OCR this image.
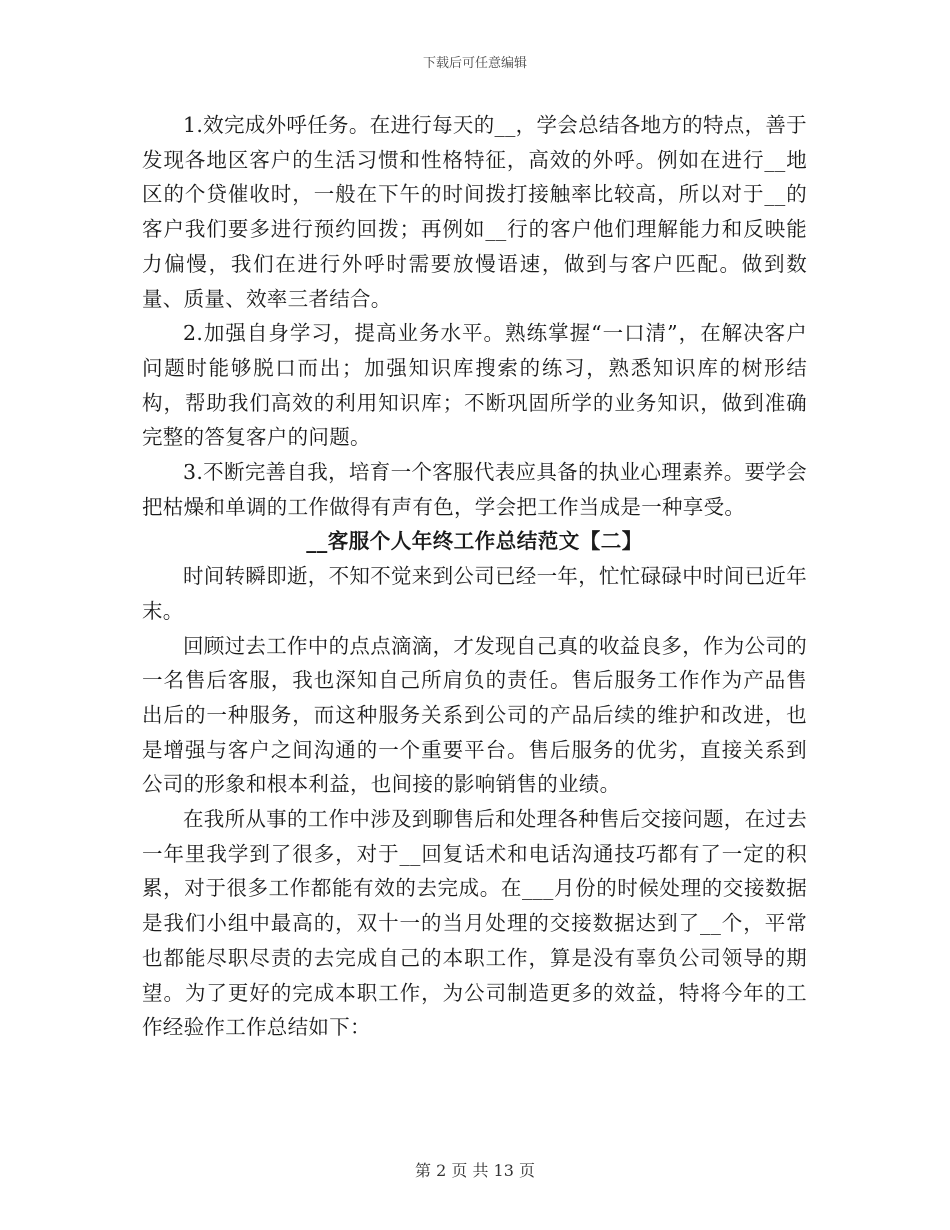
下载后可任意编辑

1.效完成外呼任务。在进行每天的__，学会总结各地方的特点，善于发现各地区客户的生活习惯和性格特征，高效的外呼。例如在进行__地区的个贷催收时，一般在下午的时间拨打接触率比较高，所以对于__的客户我们要多进行预约回拨；再例如__行的客户他们理解能力和反映能力偏慢，我们在进行外呼时需要放慢语速，做到与客户匹配。做到数量、质量、效率三者结合。

2.加强自身学习，提高业务水平。熟练掌握“一口清”，在解决客户问题时能够脱口而出；加强知识库搜索的练习，熟悉知识库的树形结构，帮助我们高效的利用知识库；不断巩固所学的业务知识，做到准确完整的答复客户的问题。

3.不断完善自我，培育一个客服代表应具备的执业心理素养。要学会把枯燥和单调的工作做得有声有色，学会把工作当成是一种享受。

__客服个人年终工作总结范文【二】

时间转瞬即逝，不知不觉来到公司已经一年，忙忙碌碌中时间已近年末。

回顾过去工作中的点点滴滴，才发现自己真的收益良多，作为公司的一名售后客服，我也深知自己所肩负的责任。售后服务工作作为产品售出后的一种服务，而这种服务关系到公司的产品后续的维护和改进，也是增强与客户之间沟通的一个重要平台。售后服务的优劣，直接关系到公司的形象和根本利益，也间接的影响销售的业绩。

在我所从事的工作中涉及到聊售后和处理各种售后交接问题，在过去一年里我学到了很多，对于__回复话术和电话沟通技巧都有了一定的积累，对于很多工作都能有效的去完成。在___月份的时候处理的交接数据是我们小组中最高的，双十一的当月处理的交接数据达到了__个，平常也都能尽职尽责的去完成自己的本职工作，算是没有辜负公司领导的期望。为了更好的完成本职工作，为公司制造更多的效益，特将今年的工作经验作工作总结如下：

第 2 页 共 13 页
